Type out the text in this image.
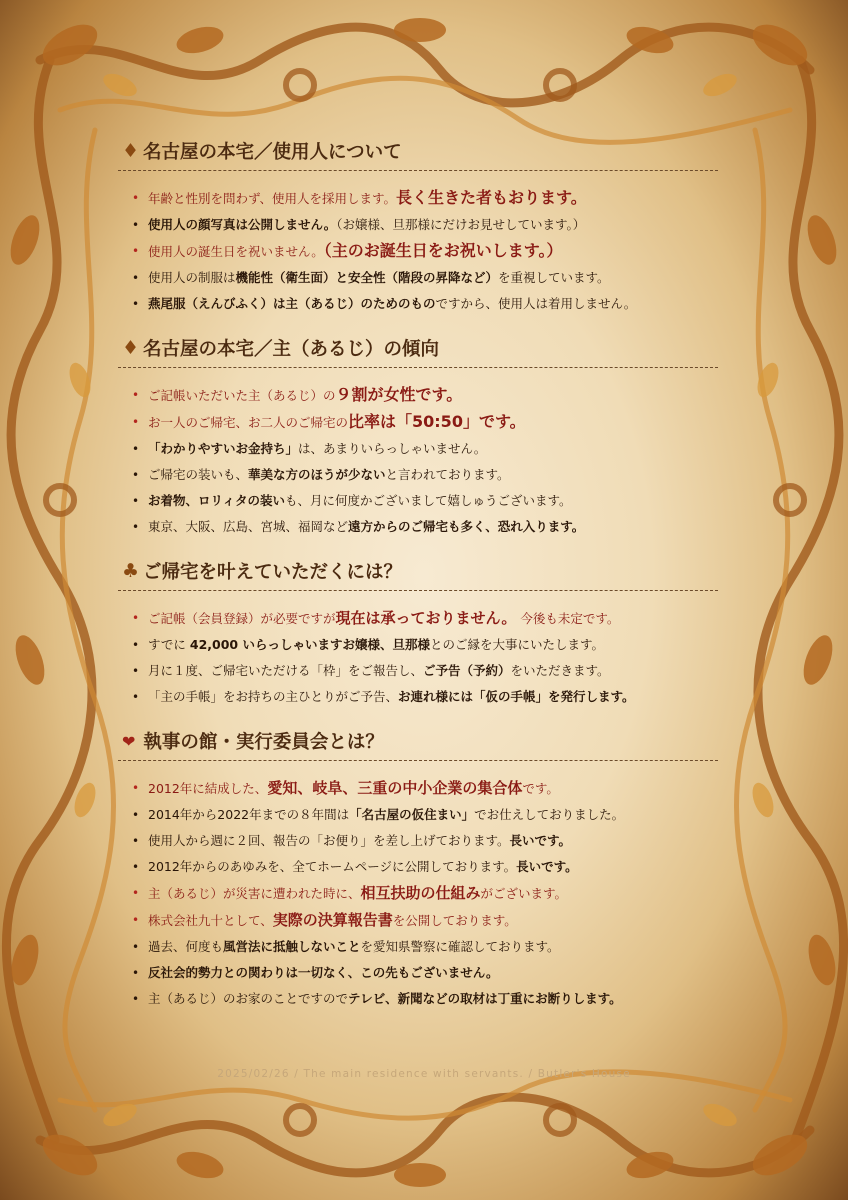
♦ 名古屋の本宅／使用人について
• 年齢と性別を問わず、使用人を採用します。長く生きた者もおります。
• 使用人の顔写真は公開しません。（お嬢様、旦那様にだけお見せしています。）
• 使用人の誕生日を祝いません。（主のお誕生日をお祝いします。）
• 使用人の制服は機能性（衛生面）と安全性（階段の昇降など）を重視しています。
• 燕尾服（えんびふく）は主（あるじ）のためのものですから、使用人は着用しません。
♦ 名古屋の本宅／主（あるじ）の傾向
• ご記帳いただいた主（あるじ）の９割が女性です。
• お一人のご帰宅、お二人のご帰宅の比率は「50:50」です。
• 「わかりやすいお金持ち」は、あまりいらっしゃいません。
• ご帰宅の装いも、華美な方のほうが少ないと言われております。
• お着物、ロリィタの装いも、月に何度かございまして嬉しゅうございます。
• 東京、大阪、広島、宮城、福岡など遠方からのご帰宅も多く、恐れ入ります。
♣ ご帰宅を叶えていただくには？
• ご記帳（会員登録）が必要ですが現在は承っておりません。 今後も未定です。
• すでに 42,000 いらっしゃいますお嬢様、旦那様とのご縁を大事にいたします。
• 月に１度、ご帰宅いただける「枠」をご報告し、ご予告（予約）をいただきます。
• 「主の手帳」をお持ちの主ひとりがご予告、お連れ様には「仮の手帳」を発行します。
❤ 執事の館・実行委員会とは？
• 2012年に結成した、愛知、岐阜、三重の中小企業の集合体です。
• 2014年から2022年までの８年間は「名古屋の仮住まい」でお仕えしておりました。
• 使用人から週に２回、報告の「お便り」を差し上げております。長いです。
• 2012年からのあゆみを、全てホームページに公開しております。長いです。
• 主（あるじ）が災害に遭われた時に、相互扶助の仕組みがございます。
• 株式会社九十として、実際の決算報告書を公開しております。
• 過去、何度も風営法に抵触しないことを愛知県警察に確認しております。
• 反社会的勢力との関わりは一切なく、この先もございません。
• 主（あるじ）のお家のことですのでテレビ、新聞などの取材は丁重にお断りします。
2025/02/26 / The main residence with servants. / Butler's House
